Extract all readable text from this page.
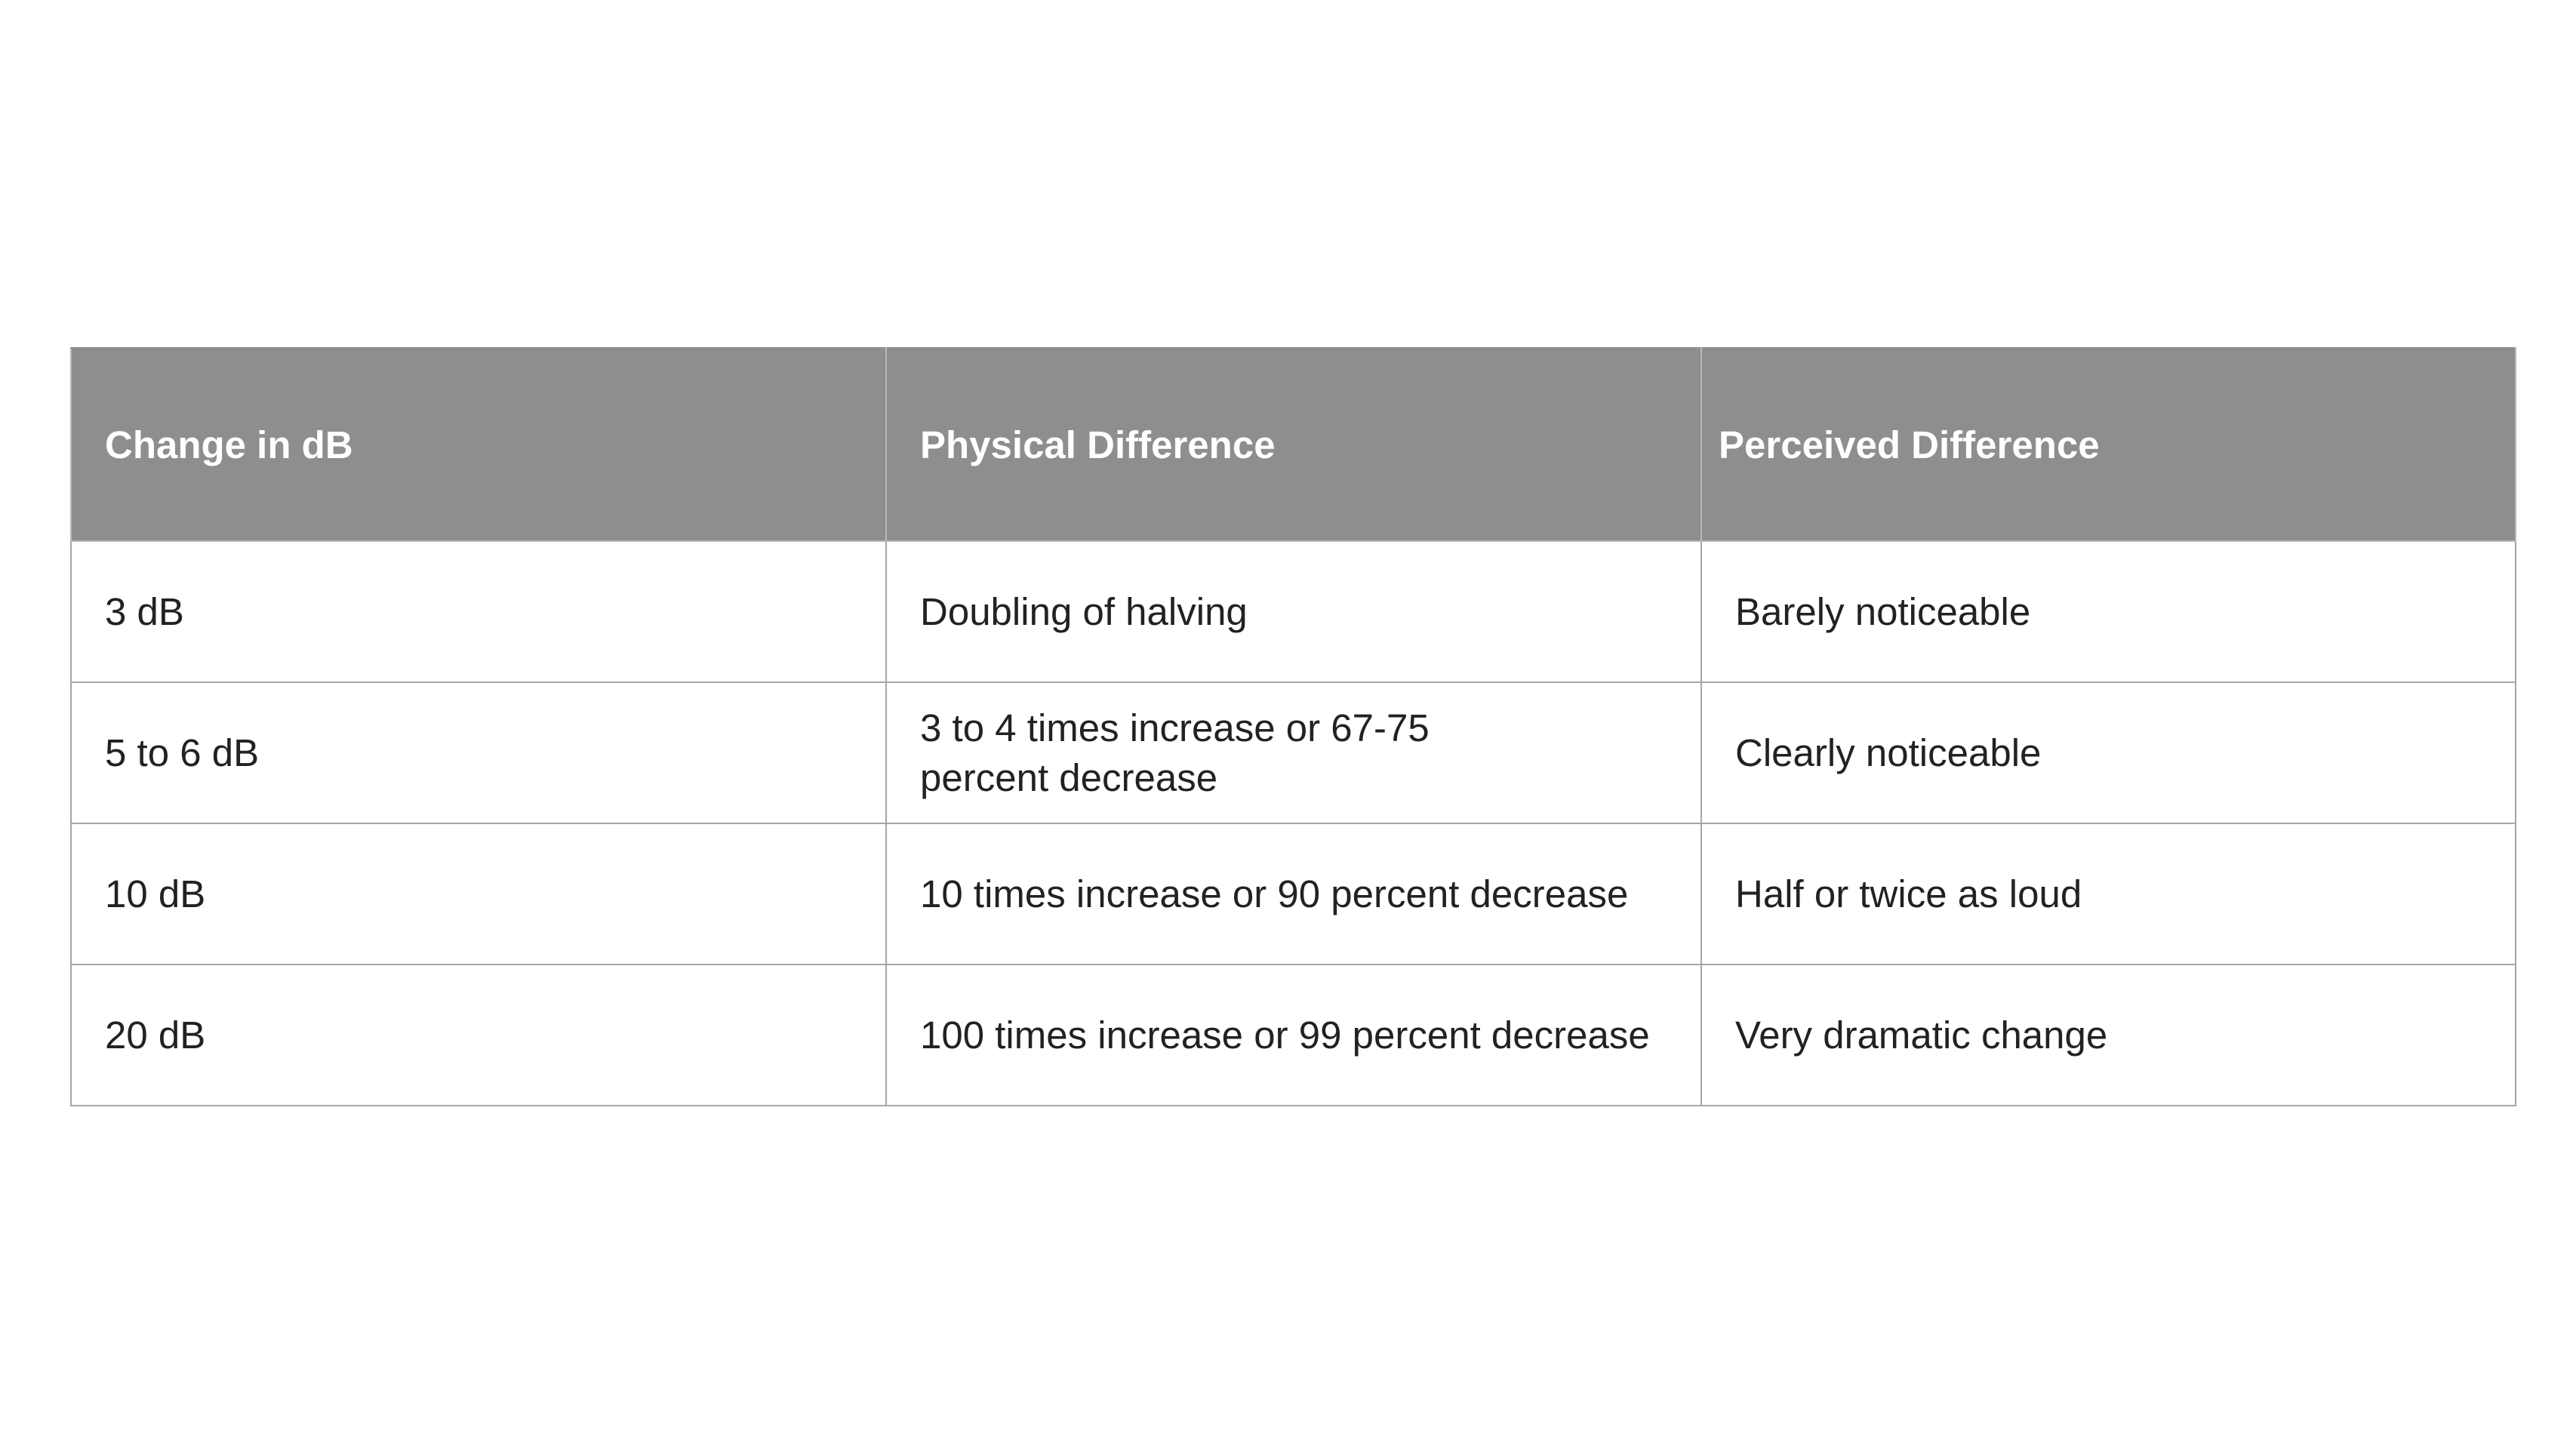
Change in dB	Physical Difference	Perceived Difference
3 dB	Doubling of halving	Barely noticeable
5 to 6 dB	3 to 4 times increase or 67-75 percent decrease	Clearly noticeable
10 dB	10 times increase or 90 percent decrease	Half or twice as loud
20 dB	100 times increase or 99 percent decrease	Very dramatic change
